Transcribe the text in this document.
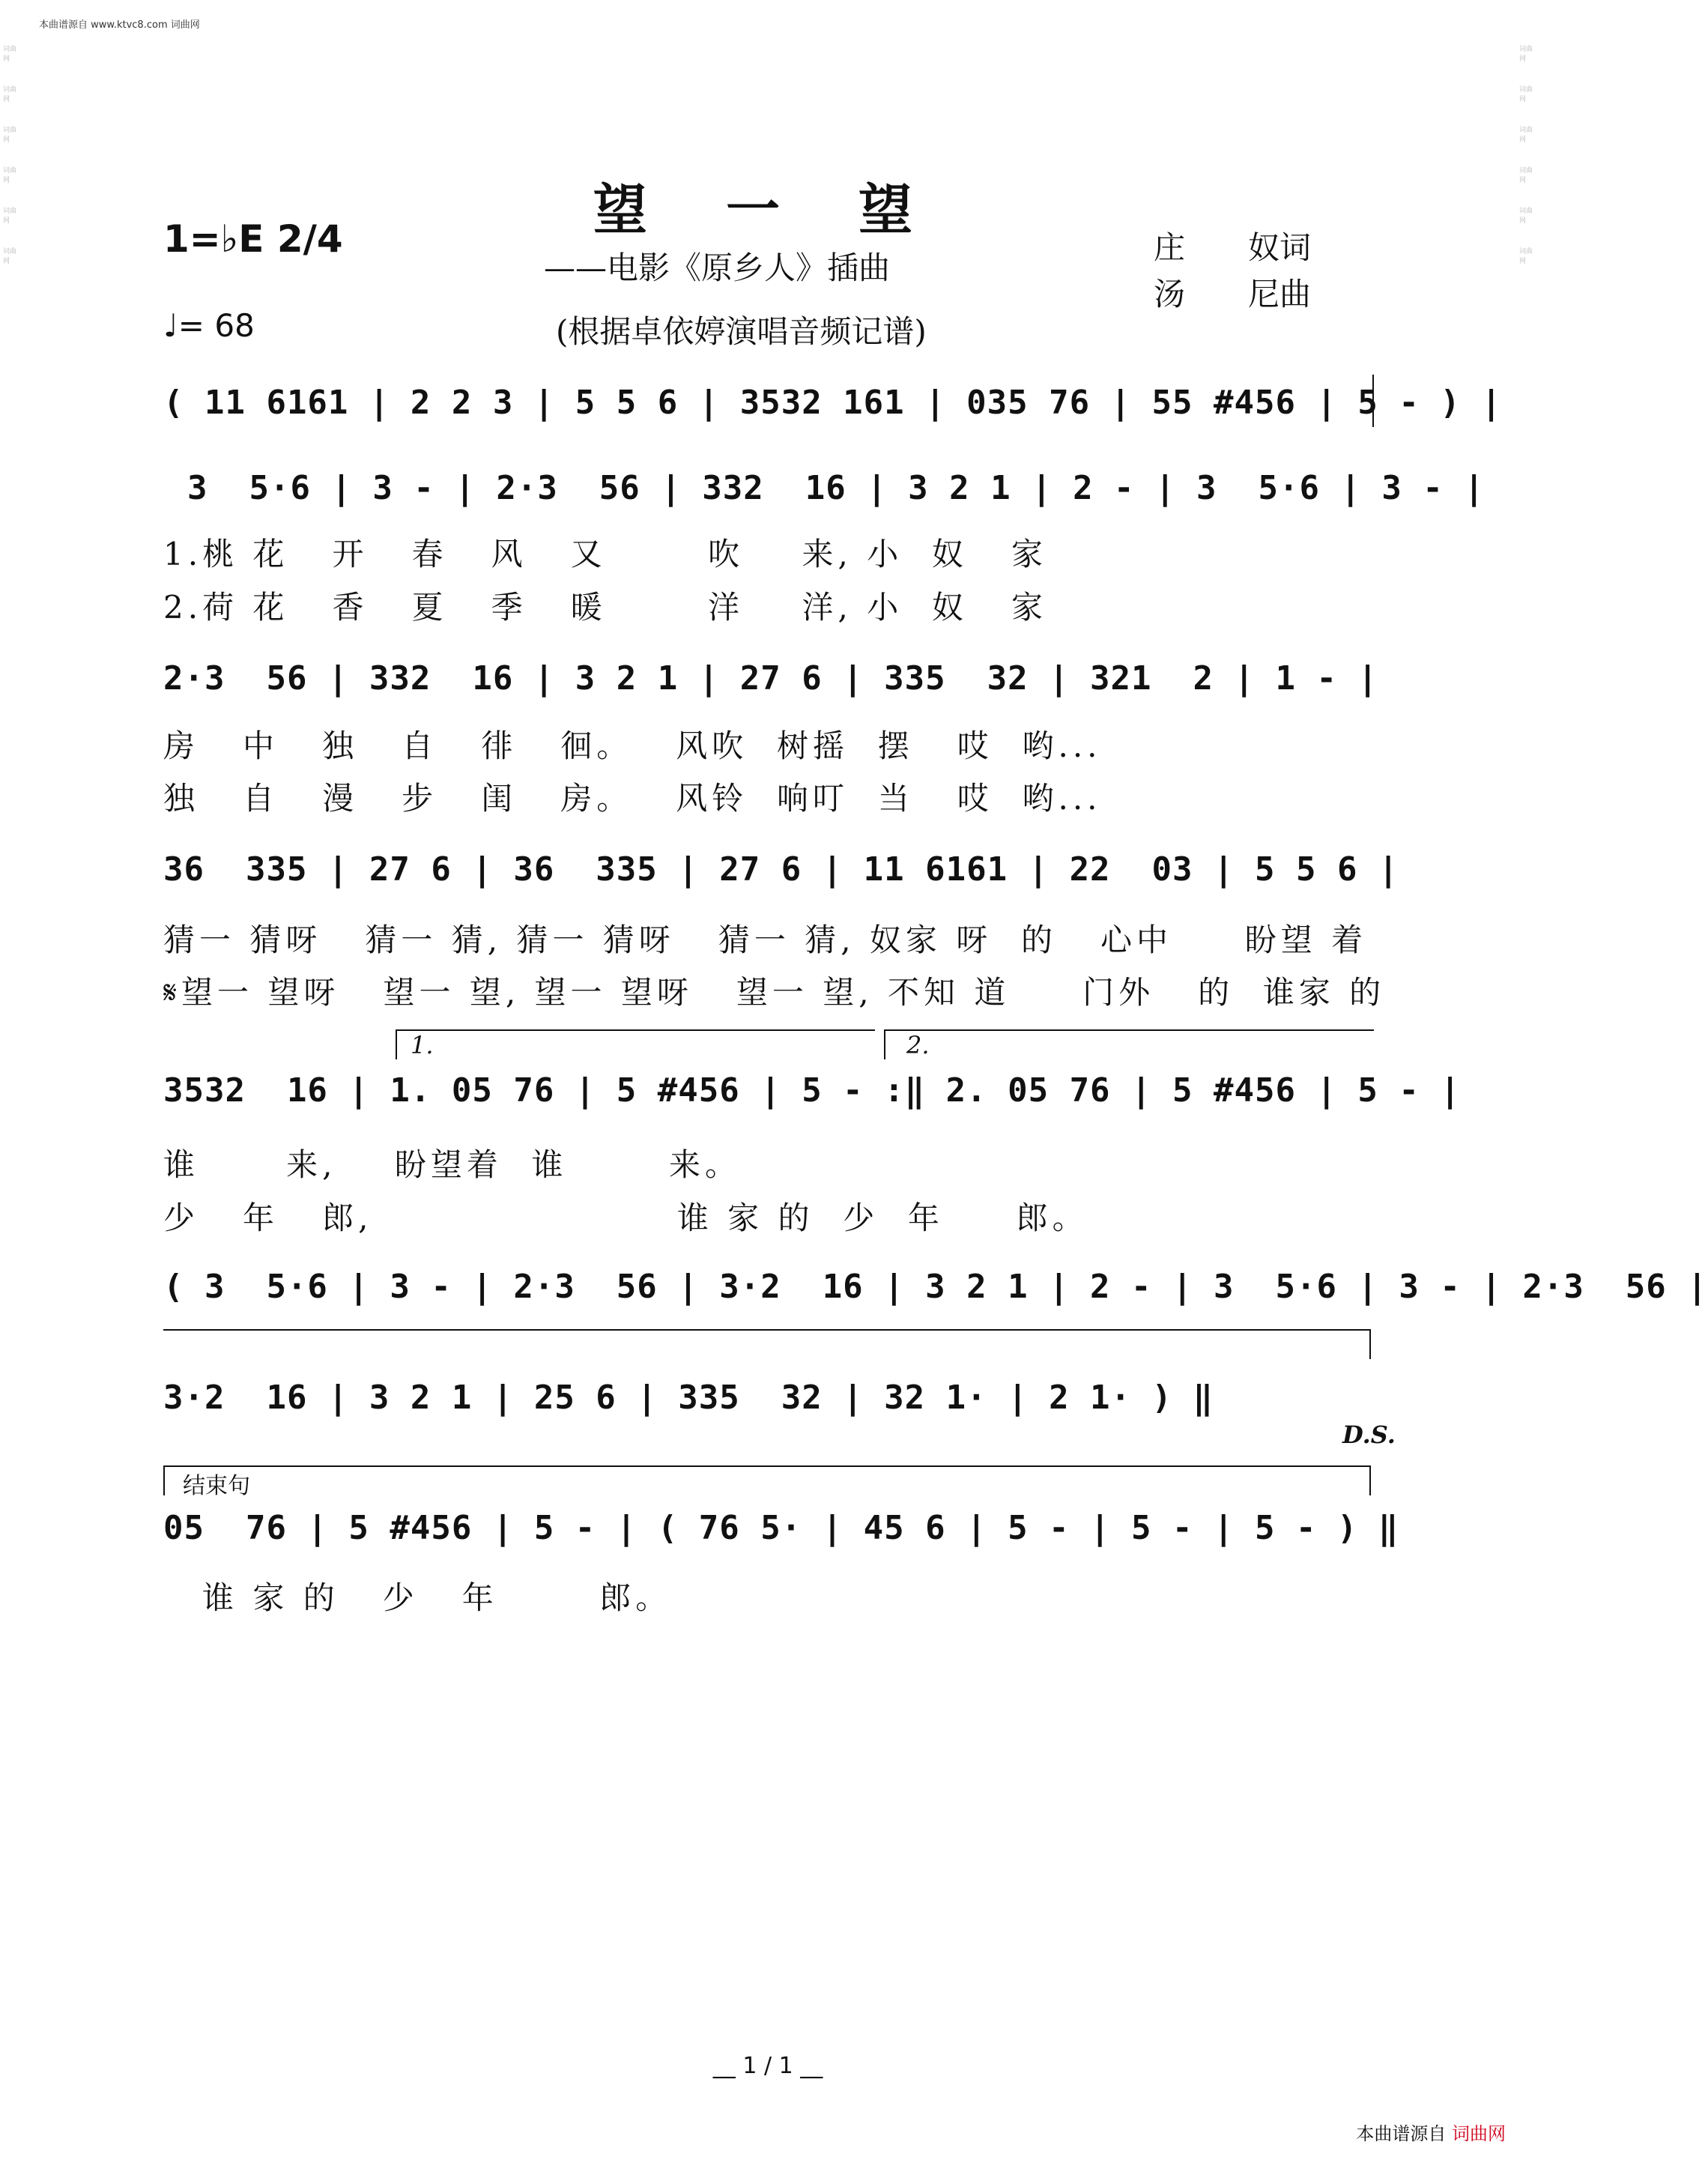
本曲谱源自 www.ktvc8.com 词曲网
词曲网
词曲网
词曲网
词曲网
词曲网
词曲网
词曲网
词曲网
词曲网
词曲网
词曲网
词曲网
望 一 望
——电影《原乡人》插曲
(根据卓依婷演唱音频记谱)
1=♭E 2/4
♩= 68
庄　　奴词
汤　　尼曲
( 11 6161 | 2 2 3 | 5 5 6 | 3532 161 | 035 76 | 55 #456 | 5 - ) |
3  5·6 | 3 - | 2·3  56 | 332  16 | 3 2 1 | 2 - | 3  5·6 | 3 - |
1.桃 花   开   春   风   又       吹    来, 小  奴   家
2.荷 花   香   夏   季   暖       洋    洋, 小  奴   家
2·3  56 | 332  16 | 3 2 1 | 27 6 | 335  32 | 321  2 | 1 - |
房   中   独   自   徘   徊。   风吹  树摇  摆   哎  哟...
独   自   漫   步   闺   房。   风铃  响叮  当   哎  哟...
36  335 | 27 6 | 36  335 | 27 6 | 11 6161 | 22  03 | 5 5 6 |
猜一 猜呀   猜一 猜, 猜一 猜呀   猜一 猜, 奴家 呀  的   心中     盼望 着
𝄋望一 望呀   望一 望, 望一 望呀   望一 望, 不知 道     门外   的  谁家 的
1.	2.
3532  16 | 1. 05 76 | 5 #456 | 5 - :‖ 2. 05 76 | 5 #456 | 5 - |
谁      来,    盼望着  谁       来。
少   年   郎,                     谁 家 的  少  年     郎。
( 3  5·6 | 3 - | 2·3  56 | 3·2  16 | 3 2 1 | 2 - | 3  5·6 | 3 - | 2·3  56 |
3·2  16 | 3 2 1 | 25 6 | 335  32 | 32 1· | 2 1· ) ‖
D.S.
结束句
05  76 | 5 #456 | 5 - | ( 76 5· | 45 6 | 5 - | 5 - | 5 - ) ‖
谁 家 的   少   年       郎。
__ 1 / 1 __
本曲谱源自 词曲网
